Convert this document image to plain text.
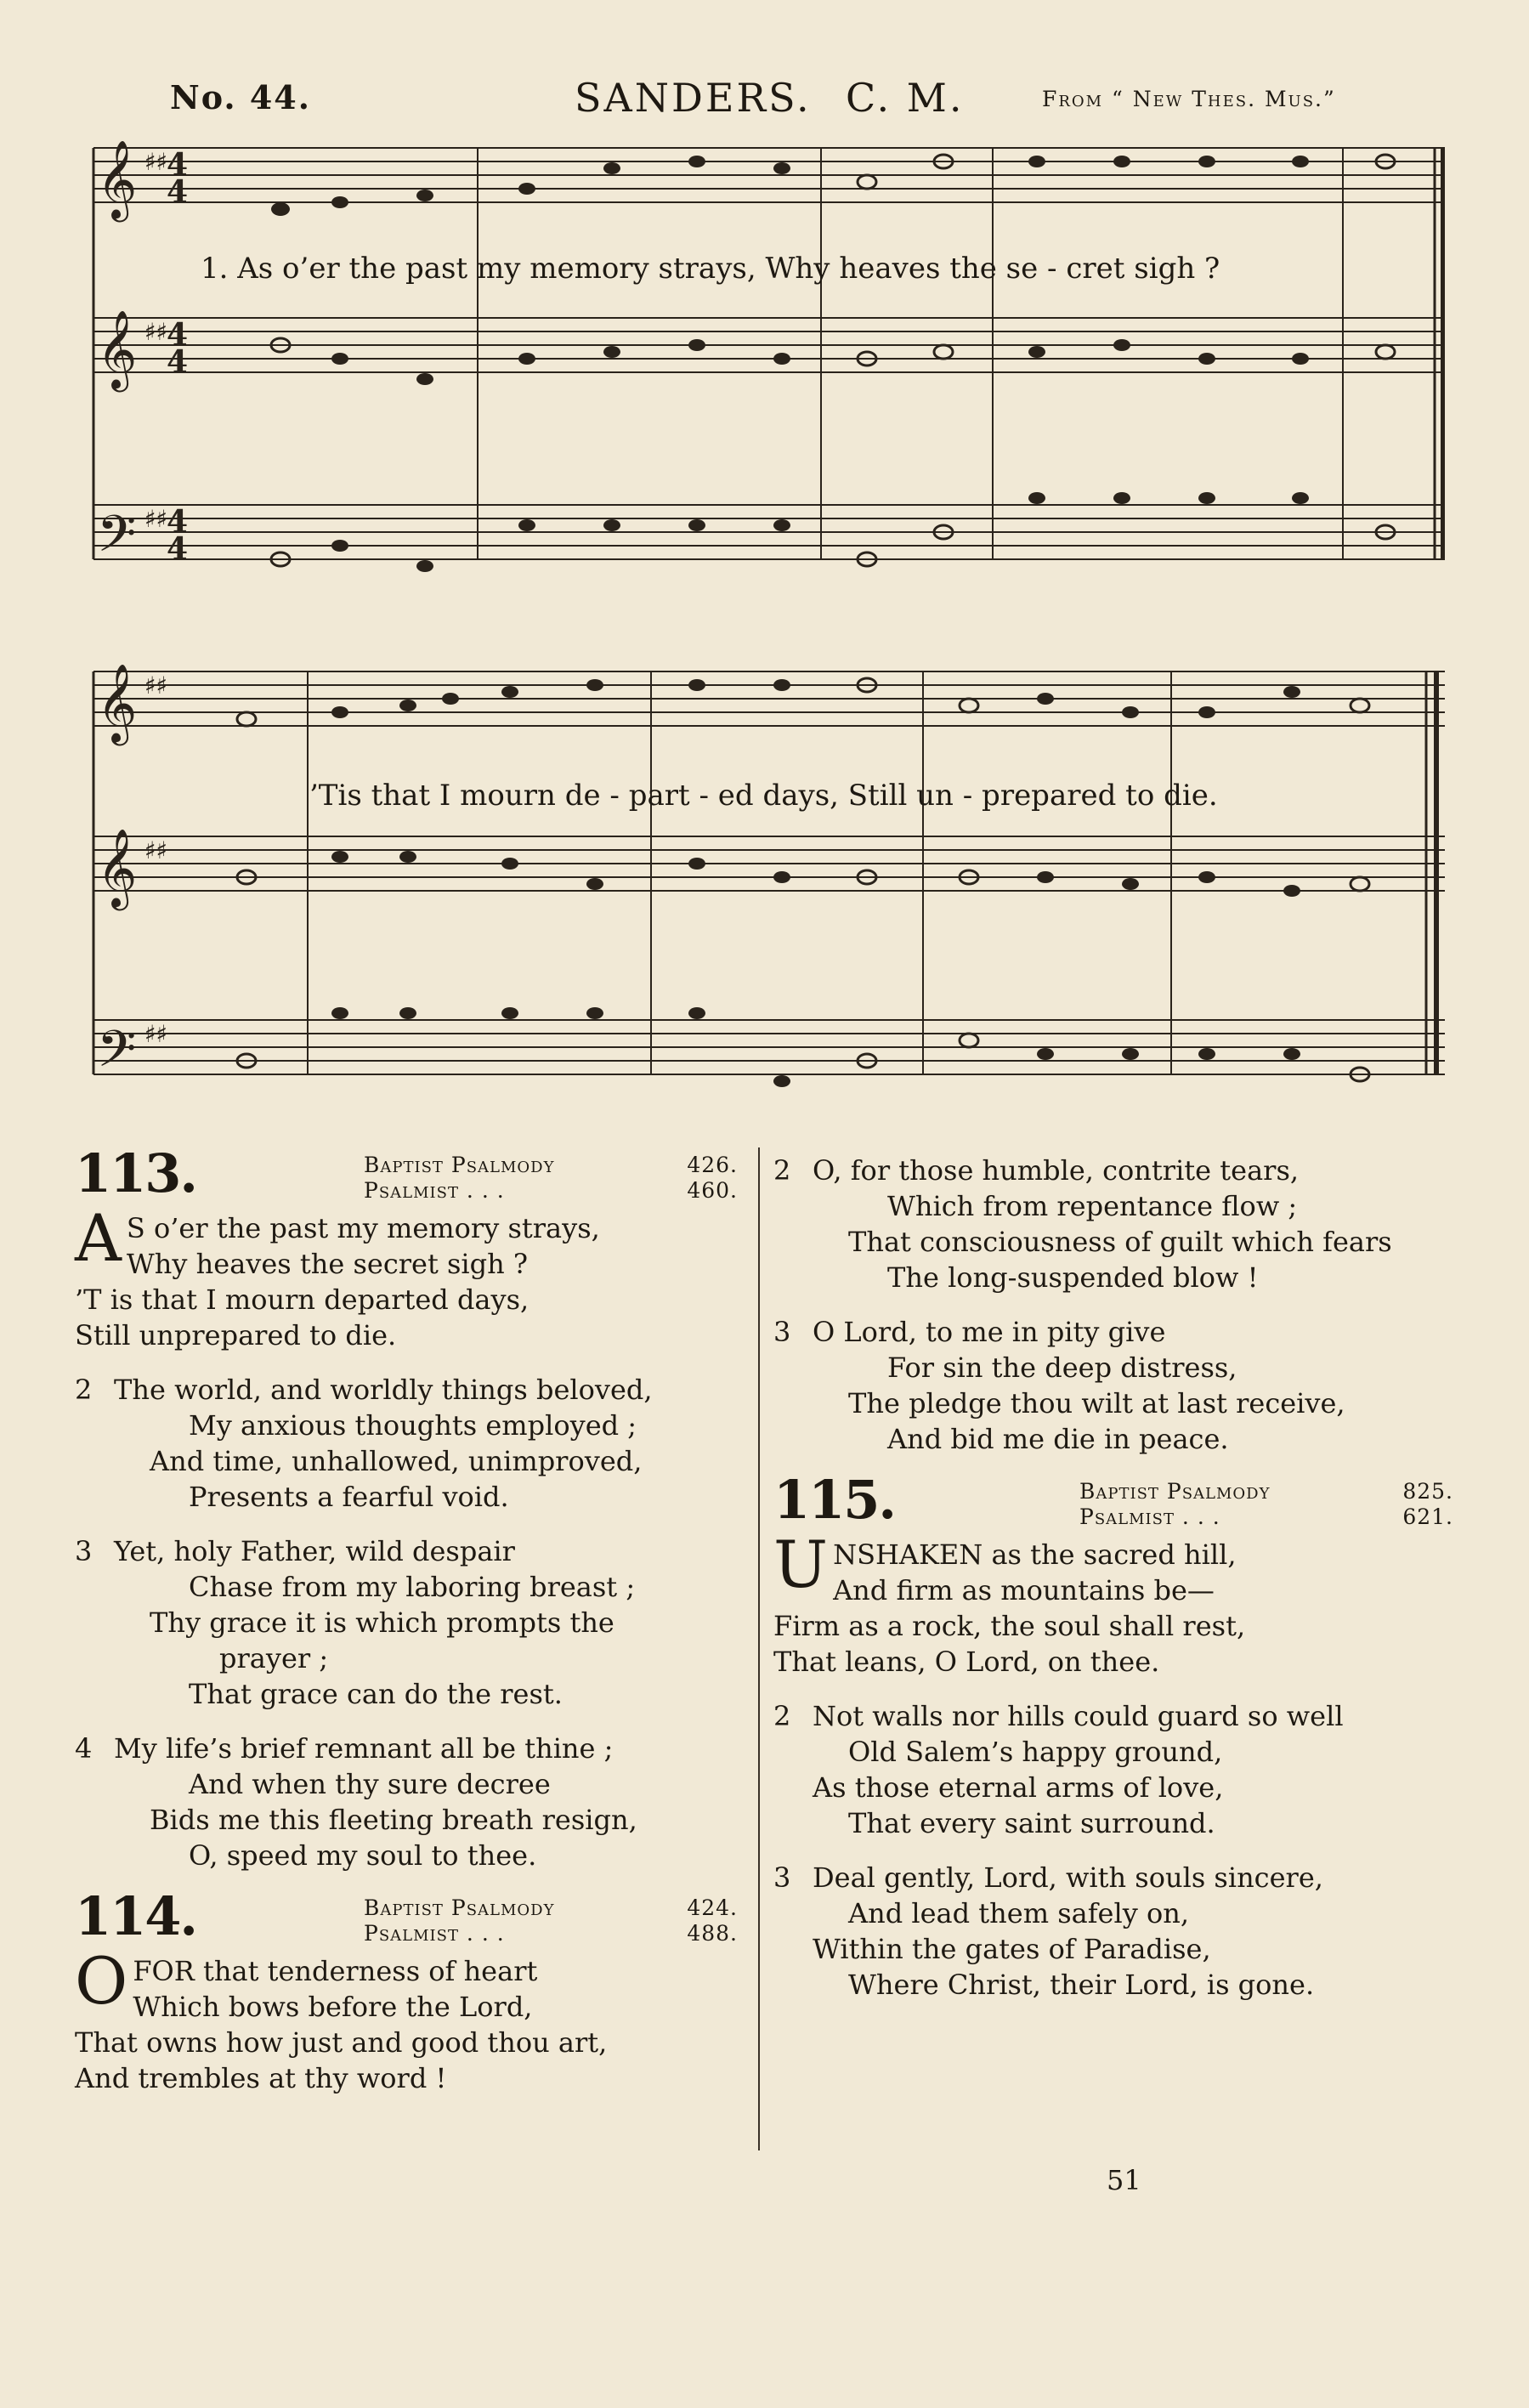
No. 44.	SANDERS. C. M.	From “ New Thes. Mus.”
𝄞
𝄞
𝄢
4
4
4
4
4
4
♯♯
♯♯
♯♯
1. As o’er the past my memory strays, Why heaves the se - cret sigh ?
𝄞
𝄞
𝄢
♯♯
♯♯
♯♯
’Tis that I mourn de - part - ed days, Still un - prepared to die.
113.	Baptist Psalmody	426.
Psalmist . . .	460.
A S o’er the past my memory strays,
Why heaves the secret sigh ?
’T is that I mourn departed days,
Still unprepared to die.
2 The world, and worldly things beloved,
My anxious thoughts employed ;
And time, unhallowed, unimproved,
Presents a fearful void.
3 Yet, holy Father, wild despair
Chase from my laboring breast ;
Thy grace it is which prompts the
prayer ;
That grace can do the rest.
4 My life’s brief remnant all be thine ;
And when thy sure decree
Bids me this fleeting breath resign,
O, speed my soul to thee.
114.	Baptist Psalmody	424.
Psalmist . . .	488.
O FOR that tenderness of heart
Which bows before the Lord,
That owns how just and good thou art,
And trembles at thy word !
2 O, for those humble, contrite tears,
Which from repentance flow ;
That consciousness of guilt which fears
The long-suspended blow !
3 O Lord, to me in pity give
For sin the deep distress,
The pledge thou wilt at last receive,
And bid me die in peace.
115.	Baptist Psalmody	825.
Psalmist . . .	621.
U NSHAKEN as the sacred hill,
And firm as mountains be—
Firm as a rock, the soul shall rest,
That leans, O Lord, on thee.
2 Not walls nor hills could guard so well
Old Salem’s happy ground,
As those eternal arms of love,
That every saint surround.
3 Deal gently, Lord, with souls sincere,
And lead them safely on,
Within the gates of Paradise,
Where Christ, their Lord, is gone.
51
